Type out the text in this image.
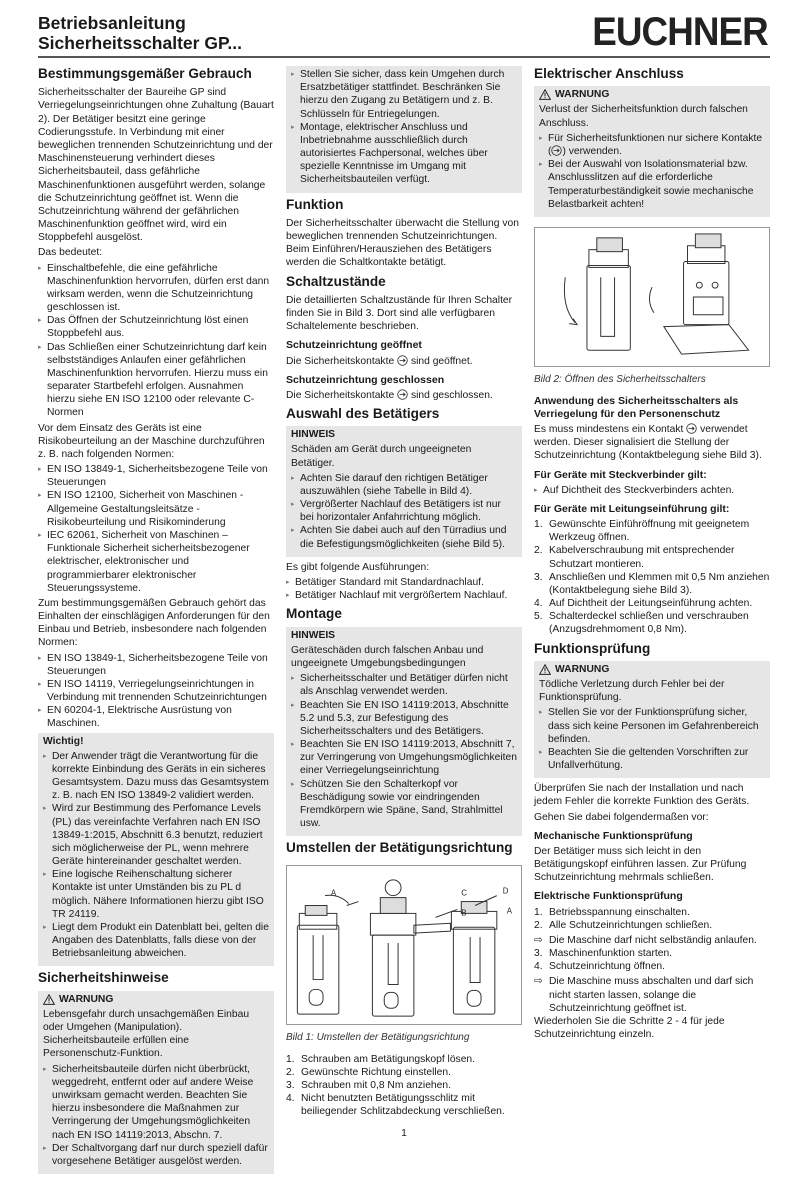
Betriebsanleitung
Sicherheitsschalter GP...	EUCHNER
Bestimmungsgemäßer Gebrauch

Sicherheitsschalter der Baureihe GP sind Verriegelungseinrichtungen ohne Zuhaltung (Bauart 2). Der Betätiger besitzt eine geringe Codierungsstufe. In Verbindung mit einer beweglichen trennenden Schutzeinrichtung und der Maschinensteuerung verhindert dieses Sicherheitsbauteil, dass gefährliche Maschinenfunktionen ausgeführt werden, solange die Schutzeinrichtung geöffnet ist. Wenn die Schutzeinrichtung während der gefährlichen Maschinenfunktion geöffnet wird, wird ein Stoppbefehl ausgelöst.

Das bedeutet:

▸ Einschaltbefehle, die eine gefährliche Maschinenfunktion hervorrufen, dürfen erst dann wirksam werden, wenn die Schutzeinrichtung geschlossen ist.
▸ Das Öffnen der Schutzeinrichtung löst einen Stoppbefehl aus.
▸ Das Schließen einer Schutzeinrichtung darf kein selbstständiges Anlaufen einer gefährlichen Maschinenfunktion hervorrufen. Hierzu muss ein separater Startbefehl erfolgen. Ausnahmen hierzu siehe EN ISO 12100 oder relevante C-Normen

Vor dem Einsatz des Geräts ist eine Risikobeurteilung an der Maschine durchzuführen z. B. nach folgenden Normen:

▸ EN ISO 13849-1, Sicherheitsbezogene Teile von Steuerungen
▸ EN ISO 12100, Sicherheit von Maschinen - Allgemeine Gestaltungsleitsätze - Risikobeurteilung und Risikominderung
▸ IEC 62061, Sicherheit von Maschinen – Funktionale Sicherheit sicherheitsbezogener elektrischer, elektronischer und programmierbarer elektronischer Steuerungssysteme.

Zum bestimmungsgemäßen Gebrauch gehört das Einhalten der einschlägigen Anforderungen für den Einbau und Betrieb, insbesondere nach folgenden Normen:

▸ EN ISO 13849-1, Sicherheitsbezogene Teile von Steuerungen
▸ EN ISO 14119, Verriegelungseinrichtungen in Verbindung mit trennenden Schutzeinrichtungen
▸ EN 60204-1, Elektrische Ausrüstung von Maschinen.
Wichtig!
▸ Der Anwender trägt die Verantwortung für die korrekte Einbindung des Geräts in ein sicheres Gesamtsystem. Dazu muss das Gesamtsystem z. B. nach EN ISO 13849-2 validiert werden.
▸ Wird zur Bestimmung des Perfomance Levels (PL) das vereinfachte Verfahren nach EN ISO 13849-1:2015, Abschnitt 6.3 benutzt, reduziert sich möglicherweise der PL, wenn mehrere Geräte hintereinander geschaltet werden.
▸ Eine logische Reihenschaltung sicherer Kontakte ist unter Umständen bis zu PL d möglich. Nähere Informationen hierzu gibt ISO TR 24119.
▸ Liegt dem Produkt ein Datenblatt bei, gelten die Angaben des Datenblatts, falls diese von der Betriebsanleitung abweichen.
Sicherheitshinweise
WARNUNG

Lebensgefahr durch unsachgemäßen Einbau oder Umgehen (Manipulation). Sicherheitsbauteile erfüllen eine Personenschutz-Funktion.

▸ Sicherheitsbauteile dürfen nicht überbrückt, weggedreht, entfernt oder auf andere Weise unwirksam gemacht werden. Beachten Sie hierzu insbesondere die Maßnahmen zur Verringerung der Umgehungsmöglichkeiten nach EN ISO 14119:2013, Abschn. 7.
▸ Der Schaltvorgang darf nur durch speziell dafür vorgesehene Betätiger ausgelöst werden.
▸ Stellen Sie sicher, dass kein Umgehen durch Ersatzbetätiger stattfindet. Beschränken Sie hierzu den Zugang zu Betätigern und z. B. Schlüsseln für Entriegelungen.
▸ Montage, elektrischer Anschluss und Inbetriebnahme ausschließlich durch autorisiertes Fachpersonal, welches über spezielle Kenntnisse im Umgang mit Sicherheitsbauteilen verfügt.
Funktion

Der Sicherheitsschalter überwacht die Stellung von beweglichen trennenden Schutzeinrichtungen. Beim Einführen/Herausziehen des Betätigers werden die Schaltkontakte betätigt.

Schaltzustände

Die detaillierten Schaltzustände für Ihren Schalter finden Sie in Bild 3. Dort sind alle verfügbaren Schaltelemente beschrieben.

Schutzeinrichtung geöffnet

Die Sicherheitskontakte sind geöffnet.

Schutzeinrichtung geschlossen

Die Sicherheitskontakte sind geschlossen.

Auswahl des Betätigers
HINWEIS

Schäden am Gerät durch ungeeigneten Betätiger.

▸ Achten Sie darauf den richtigen Betätiger auszuwählen (siehe Tabelle in Bild 4).
▸ Vergrößerter Nachlauf des Betätigers ist nur bei horizontaler Anfahrrichtung möglich.
▸ Achten Sie dabei auch auf den Türradius und die Befestigungsmöglichkeiten (siehe Bild 5).

Es gibt folgende Ausführungen:

▸ Betätiger Standard mit Standardnachlauf.
▸ Betätiger Nachlauf mit vergrößertem Nachlauf.
Montage
HINWEIS

Geräteschäden durch falschen Anbau und ungeeignete Umgebungsbedingungen

▸ Sicherheitsschalter und Betätiger dürfen nicht als Anschlag verwendet werden.
▸ Beachten Sie EN ISO 14119:2013, Abschnitte 5.2 und 5.3, zur Befestigung des Sicherheitsschalters und des Betätigers.
▸ Beachten Sie EN ISO 14119:2013, Abschnitt 7, zur Verringerung von Umgehungsmöglichkeiten einer Verriegelungseinrichtung
▸ Schützen Sie den Schalterkopf vor Beschädigung sowie vor eindringenden Fremdkörpern wie Späne, Sand, Strahlmittel usw.
Umstellen der Betätigungsrichtung
A	C	D
B	A
Bild 1: Umstellen der Betätigungsrichtung
1. Schrauben am Betätigungskopf lösen.
2. Gewünschte Richtung einstellen.
3. Schrauben mit 0,8 Nm anziehen.
4. Nicht benutzten Betätigungsschlitz mit beiliegender Schlitzabdeckung verschließen.
Elektrischer Anschluss
WARNUNG

Verlust der Sicherheitsfunktion durch falschen Anschluss.

▸ Für Sicherheitsfunktionen nur sichere Kontakte ( ) verwenden.
▸ Bei der Auswahl von Isolationsmaterial bzw. Anschlusslitzen auf die erforderliche Temperaturbeständigkeit sowie mechanische Belastbarkeit achten!
Bild 2: Öffnen des Sicherheitsschalters
Anwendung des Sicherheitsschalters als Verriegelung für den Personenschutz

Es muss mindestens ein Kontakt verwendet werden. Dieser signalisiert die Stellung der Schutzeinrichtung (Kontaktbelegung siehe Bild 3).

Für Geräte mit Steckverbinder gilt:
▸ Auf Dichtheit des Steckverbinders achten.
Für Geräte mit Leitungseinführung gilt:
1. Gewünschte Einführöffnung mit geeignetem Werkzeug öffnen.
2. Kabelverschraubung mit entsprechender Schutzart montieren.
3. Anschließen und Klemmen mit 0,5 Nm anziehen (Kontaktbelegung siehe Bild 3).
4. Auf Dichtheit der Leitungseinführung achten.
5. Schalterdeckel schließen und verschrauben (Anzugsdrehmoment 0,8 Nm).
Funktionsprüfung
WARNUNG

Tödliche Verletzung durch Fehler bei der Funktionsprüfung.

▸ Stellen Sie vor der Funktionsprüfung sicher, dass sich keine Personen im Gefahrenbereich befinden.
▸ Beachten Sie die geltenden Vorschriften zur Unfallverhütung.

Überprüfen Sie nach der Installation und nach jedem Fehler die korrekte Funktion des Geräts.

Gehen Sie dabei folgendermaßen vor:

Mechanische Funktionsprüfung

Der Betätiger muss sich leicht in den Betätigungskopf einführen lassen. Zur Prüfung Schutzeinrichtung mehrmals schließen.

Elektrische Funktionsprüfung
1. Betriebsspannung einschalten.
2. Alle Schutzeinrichtungen schließen.
⇨ Die Maschine darf nicht selbständig anlaufen.
3. Maschinenfunktion starten.
4. Schutzeinrichtung öffnen.
⇨ Die Maschine muss abschalten und darf sich nicht starten lassen, solange die Schutzeinrichtung geöffnet ist.

Wiederholen Sie die Schritte 2 - 4 für jede Schutzeinrichtung einzeln.

1
